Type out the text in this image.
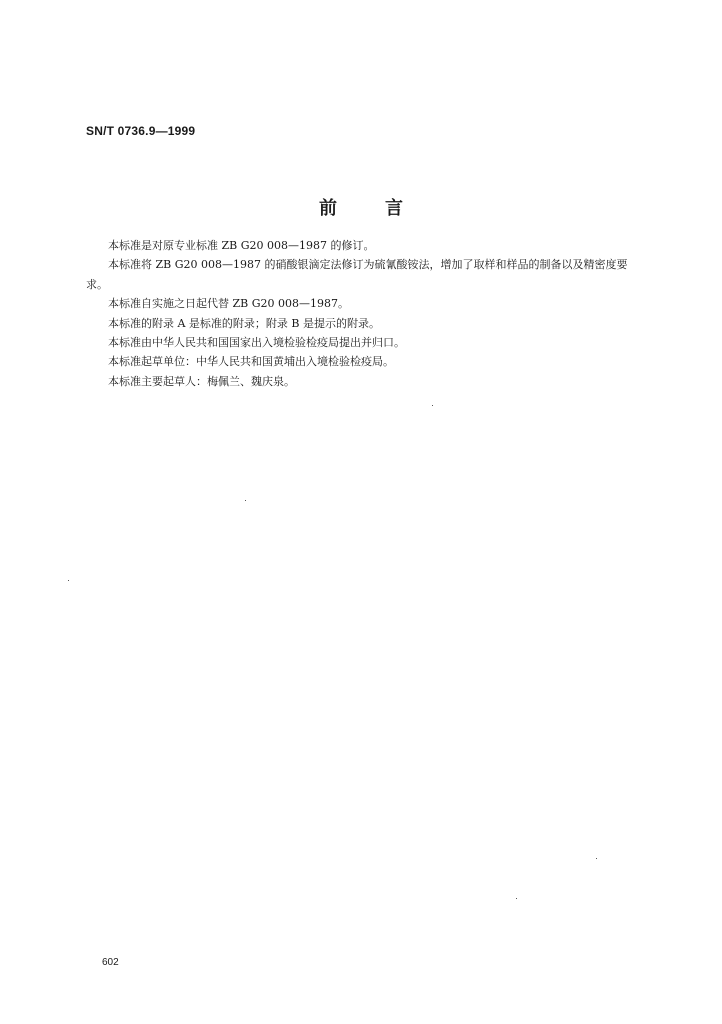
SN/T 0736.9—1999
前	言

本标准是对原专业标准 ZB G20 008—1987 的修订。

本标准将 ZB G20 008—1987 的硝酸银滴定法修订为硫氰酸铵法，增加了取样和样品的制备以及精密度要求。

本标准自实施之日起代替 ZB G20 008—1987。

本标准的附录 A 是标准的附录；附录 B 是提示的附录。

本标准由中华人民共和国国家出入境检验检疫局提出并归口。

本标准起草单位：中华人民共和国黄埔出入境检验检疫局。

本标准主要起草人：梅佩兰、魏庆泉。

602
